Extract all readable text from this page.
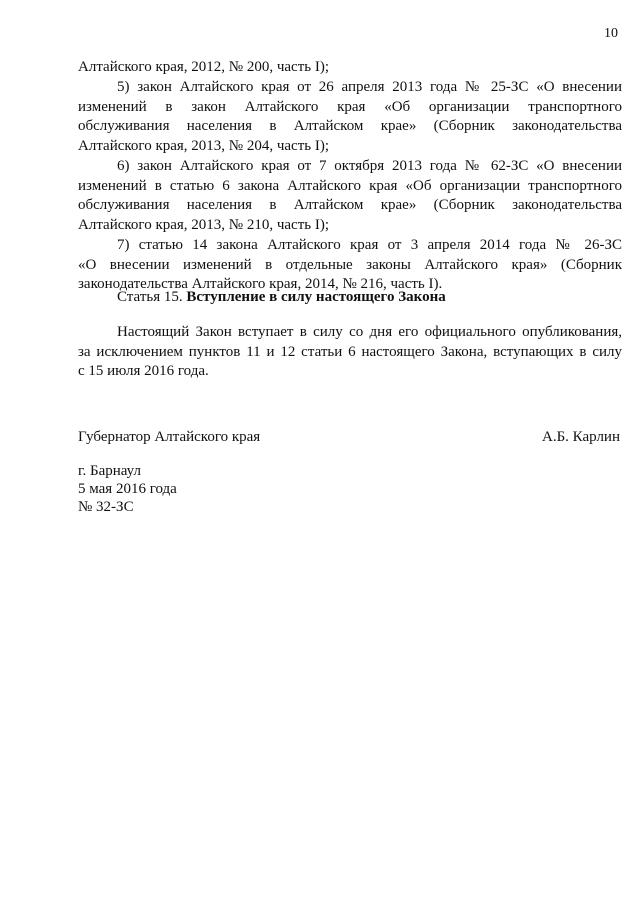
10
Алтайского края, 2012, № 200, часть I);
5) закон Алтайского края от 26 апреля 2013 года № 25-ЗС «О внесении
изменений в закон Алтайского края «Об организации транспортного
обслуживания населения в Алтайском крае» (Сборник законодательства
Алтайского края, 2013, № 204, часть I);
6) закон Алтайского края от 7 октября 2013 года № 62-ЗС «О внесении
изменений в статью 6 закона Алтайского края «Об организации транспортного
обслуживания населения в Алтайском крае» (Сборник законодательства
Алтайского края, 2013, № 210, часть I);
7) статью 14 закона Алтайского края от 3 апреля 2014 года № 26-ЗС
«О внесении изменений в отдельные законы Алтайского края» (Сборник
законодательства Алтайского края, 2014, № 216, часть I).
Статья 15. Вступление в силу настоящего Закона
Настоящий Закон вступает в силу со дня его официального опубликования,
за исключением пунктов 11 и 12 статьи 6 настоящего Закона, вступающих в силу
с 15 июля 2016 года.
Губернатор Алтайского края	А.Б. Карлин
г. Барнаул
5 мая 2016 года
№ 32-ЗС
